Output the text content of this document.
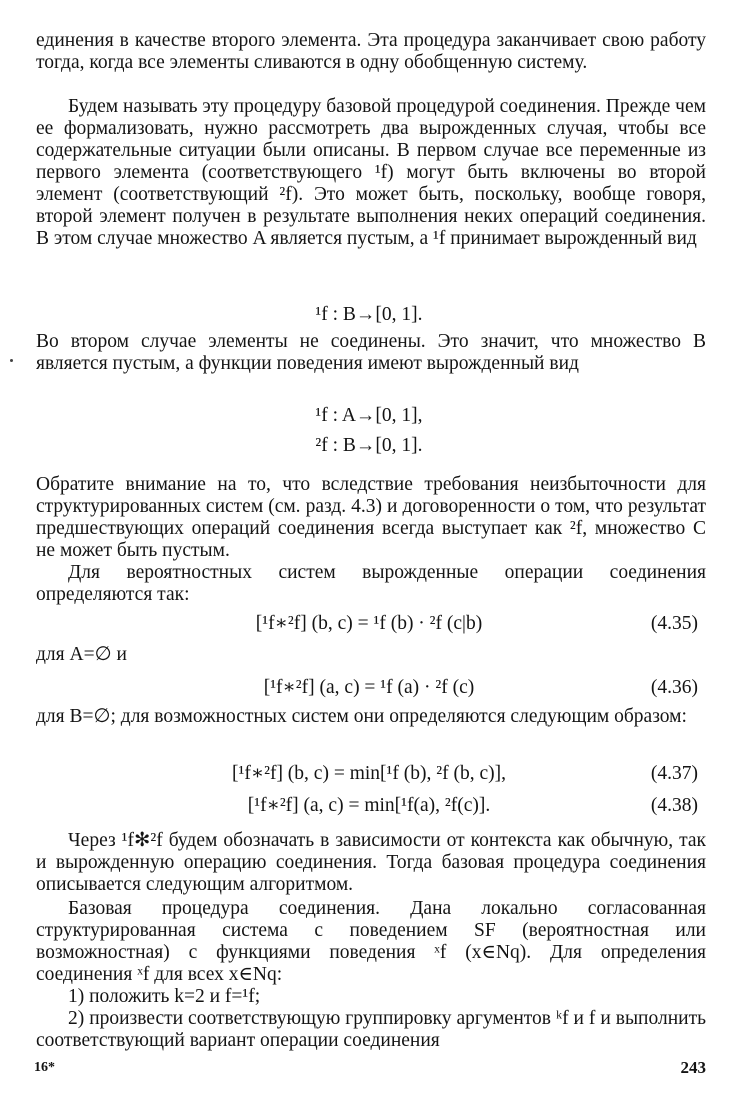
единения в качестве второго элемента. Эта процедура заканчивает свою работу тогда, когда все элементы сливаются в одну обобщенную систему.

Будем называть эту процедуру базовой процедурой соединения. Прежде чем ее формализовать, нужно рассмотреть два вырожденных случая, чтобы все содержательные ситуации были описаны. В первом случае все переменные из первого элемента (соответствующего ¹f) могут быть включены во второй элемент (соответствующий ²f). Это может быть, поскольку, вообще говоря, второй элемент получен в результате выполнения неких операций соединения. В этом случае множество A является пустым, а ¹f принимает вырожденный вид

¹f : B→[0, 1].

Во втором случае элементы не соединены. Это значит, что множество B является пустым, а функции поведения имеют вырожденный вид

¹f : A→[0, 1],
²f : B→[0, 1].

Обратите внимание на то, что вследствие требования неизбыточности для структурированных систем (см. разд. 4.3) и договоренности о том, что результат предшествующих операций соединения всегда выступает как ²f, множество C не может быть пустым.

Для вероятностных систем вырожденные операции соединения определяются так:

[¹f∗²f] (b, c) = ¹f (b) · ²f (c|b)	(4.35)
для A=∅ и
[¹f∗²f] (a, c) = ¹f (a) · ²f (c)	(4.36)

для B=∅; для возможностных систем они определяются следующим образом:

[¹f∗²f] (b, c) = min[¹f (b), ²f (b, c)],	(4.37)
[¹f∗²f] (a, c) = min[¹f(a), ²f(c)].	(4.38)

Через ¹f✻²f будем обозначать в зависимости от контекста как обычную, так и вырожденную операцию соединения. Тогда базовая процедура соединения описывается следующим алгоритмом.

Базовая процедура соединения. Дана локально согласованная структурированная система с поведением SF (вероятностная или возможностная) с функциями поведения ˣf (x∈Nq). Для определения соединения ˣf для всех x∈Nq:

1) положить k=2 и f=¹f;

2) произвести соответствующую группировку аргументов ᵏf и f и выполнить соответствующий вариант операции соединения

16*	243
